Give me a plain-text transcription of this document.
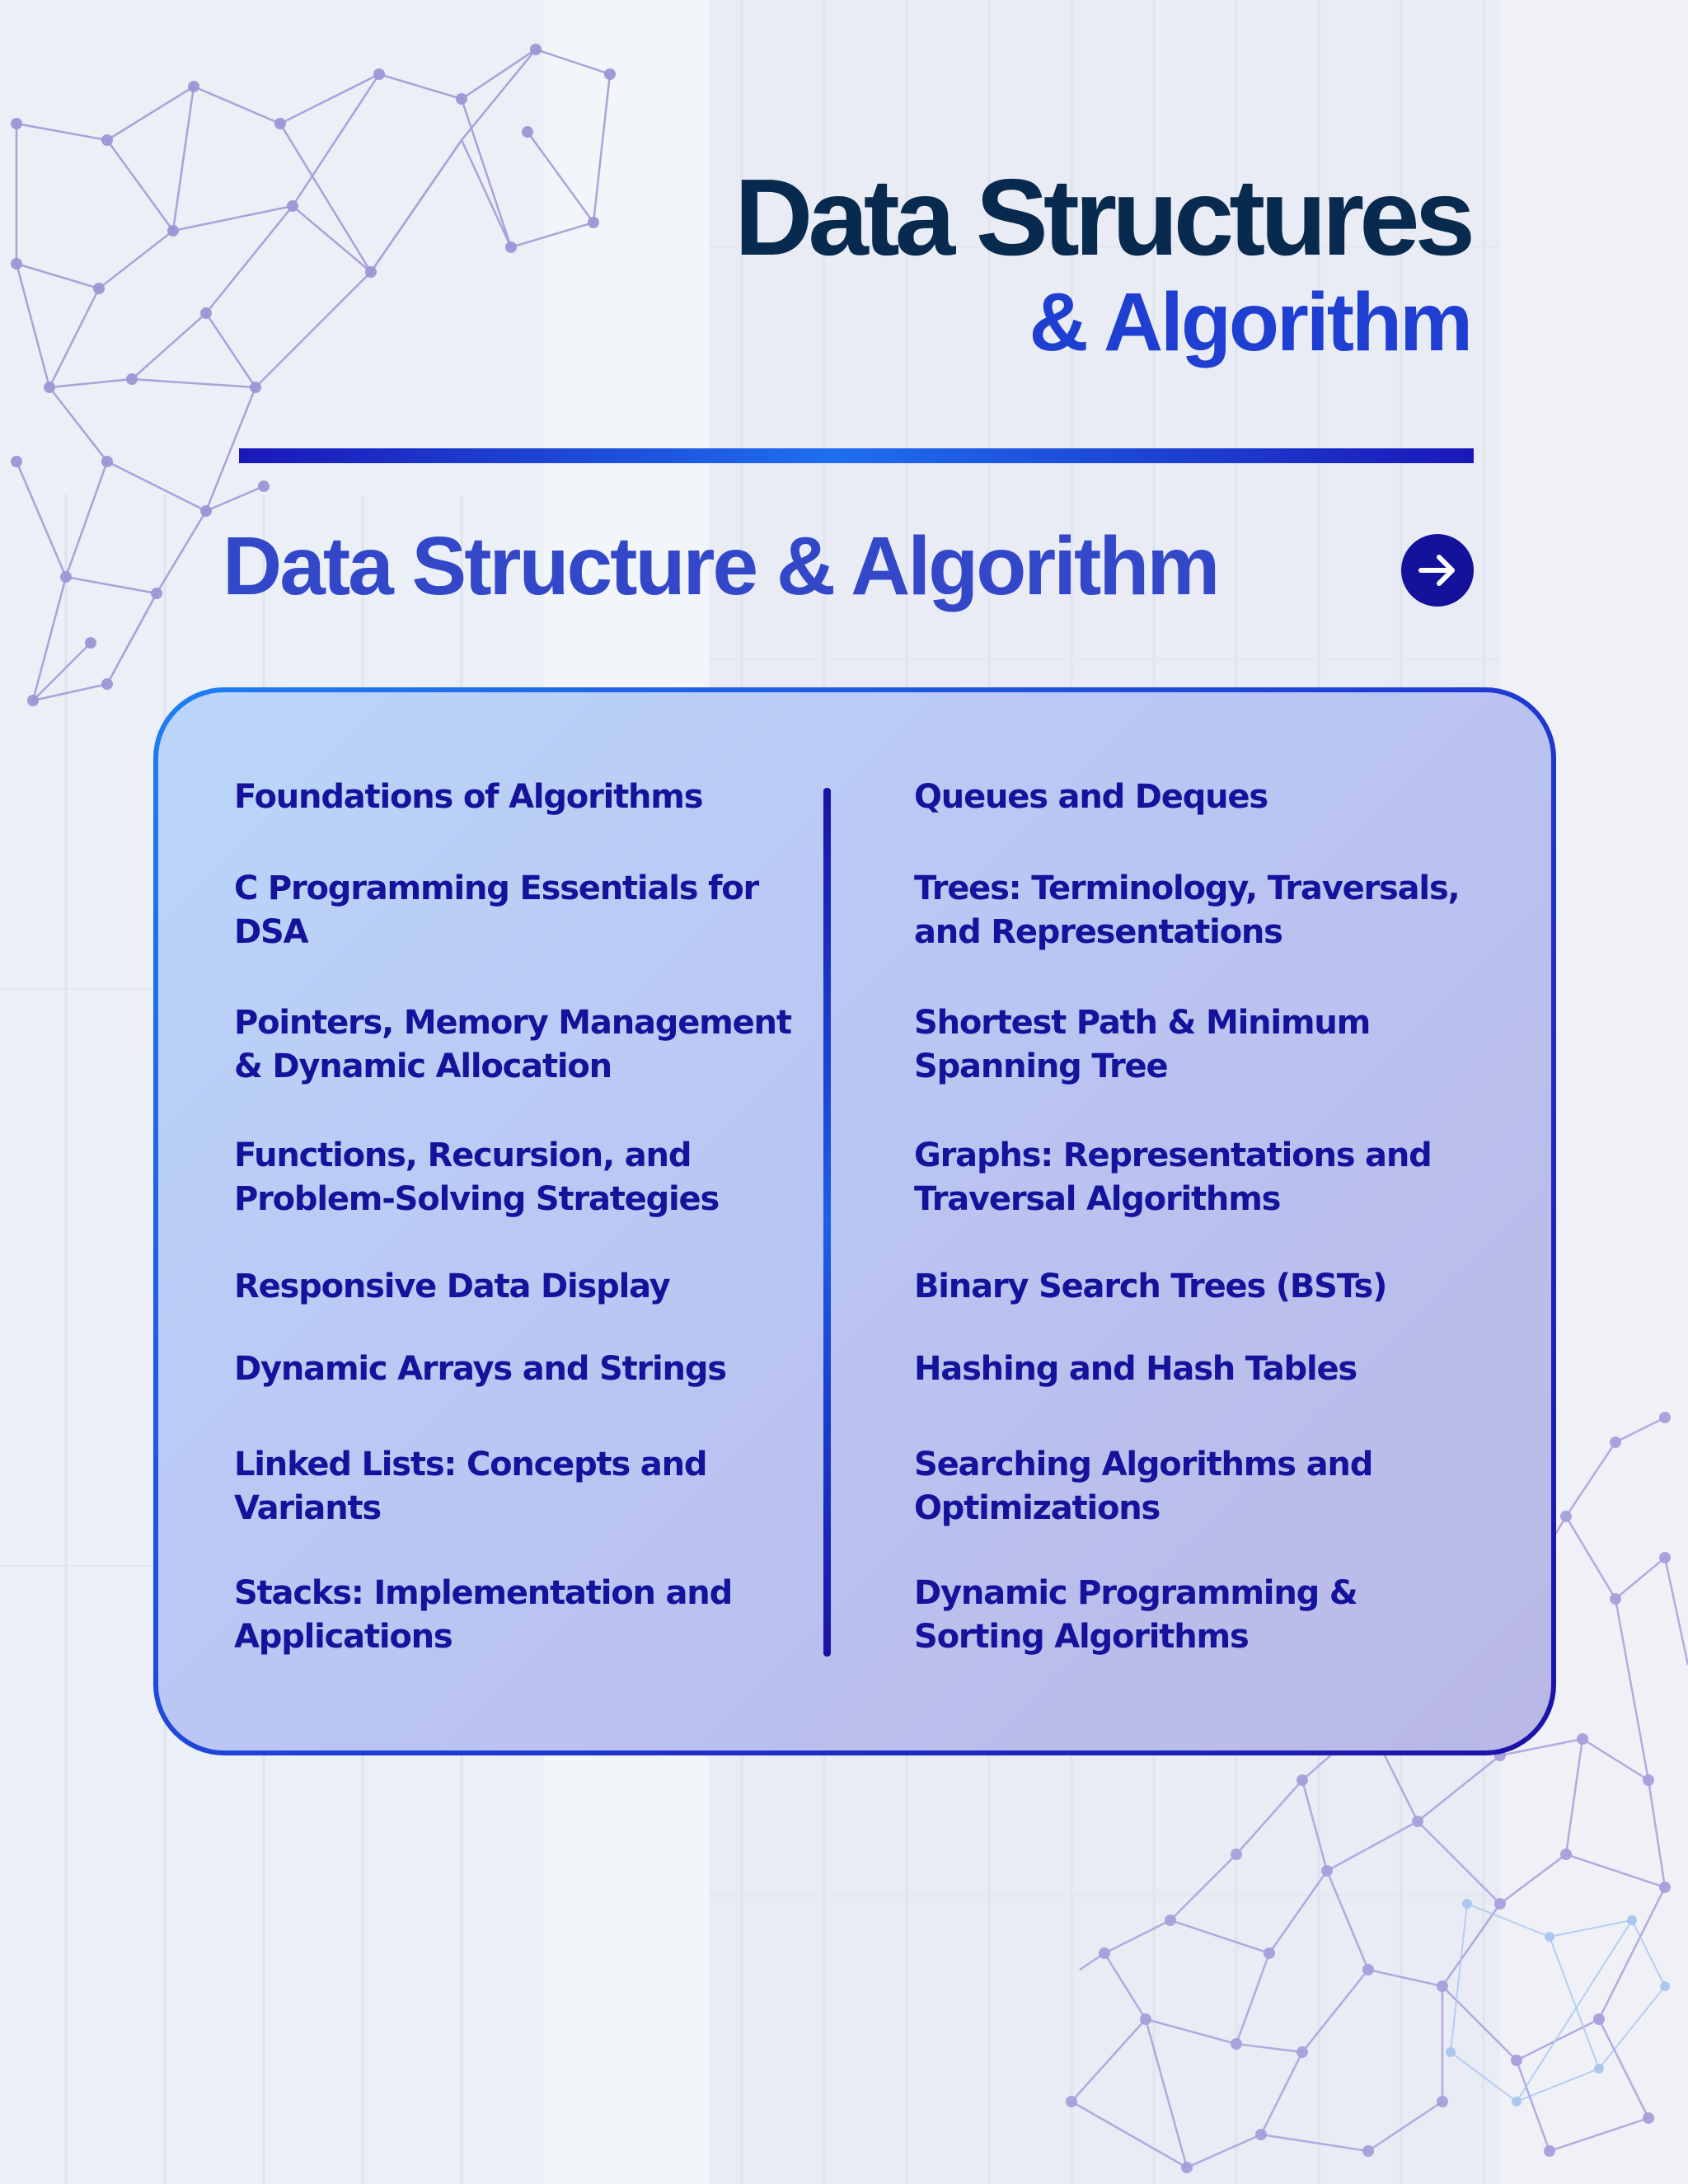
Data Structures
& Algorithm
Data Structure & Algorithm
Foundations of Algorithms
C Programming Essentials for DSA
Pointers, Memory Management & Dynamic Allocation
Functions, Recursion, and Problem-Solving Strategies
Responsive Data Display
Dynamic Arrays and Strings
Linked Lists: Concepts and Variants
Stacks: Implementation and Applications
Queues and Deques
Trees: Terminology, Traversals, and Representations
Shortest Path & Minimum Spanning Tree
Graphs: Representations and Traversal Algorithms
Binary Search Trees (BSTs)
Hashing and Hash Tables
Searching Algorithms and Optimizations
Dynamic Programming & Sorting Algorithms
